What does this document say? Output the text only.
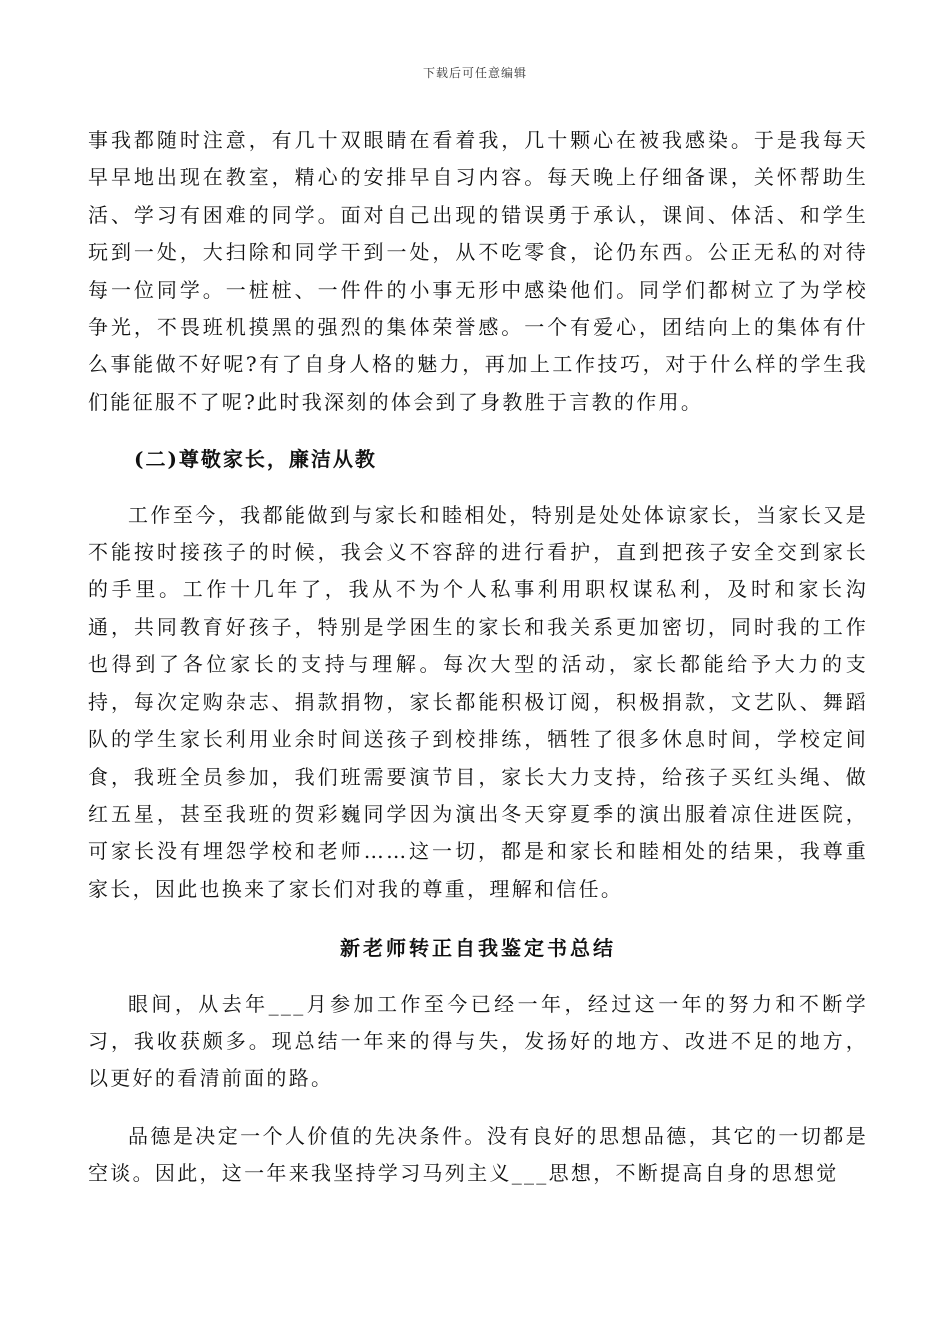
下载后可任意编辑

事我都随时注意，有几十双眼睛在看着我，几十颗心在被我感染。于是我每天早早地出现在教室，精心的安排早自习内容。每天晚上仔细备课，关怀帮助生活、学习有困难的同学。面对自己出现的错误勇于承认，课间、体活、和学生玩到一处，大扫除和同学干到一处，从不吃零食，论仍东西。公正无私的对待每一位同学。一桩桩、一件件的小事无形中感染他们。同学们都树立了为学校争光，不畏班机摸黑的强烈的集体荣誉感。一个有爱心，团结向上的集体有什么事能做不好呢?有了自身人格的魅力，再加上工作技巧，对于什么样的学生我们能征服不了呢?此时我深刻的体会到了身教胜于言教的作用。

(二)尊敬家长，廉洁从教

工作至今，我都能做到与家长和睦相处，特别是处处体谅家长，当家长又是不能按时接孩子的时候，我会义不容辞的进行看护，直到把孩子安全交到家长的手里。工作十几年了，我从不为个人私事利用职权谋私利，及时和家长沟通，共同教育好孩子，特别是学困生的家长和我关系更加密切，同时我的工作也得到了各位家长的支持与理解。每次大型的活动，家长都能给予大力的支持，每次定购杂志、捐款捐物，家长都能积极订阅，积极捐款，文艺队、舞蹈队的学生家长利用业余时间送孩子到校排练，牺牲了很多休息时间，学校定间食，我班全员参加，我们班需要演节目，家长大力支持，给孩子买红头绳、做红五星，甚至我班的贺彩巍同学因为演出冬天穿夏季的演出服着凉住进医院，可家长没有埋怨学校和老师……这一切，都是和家长和睦相处的结果，我尊重家长，因此也换来了家长们对我的尊重，理解和信任。

新老师转正自我鉴定书总结

眼间，从去年___月参加工作至今已经一年，经过这一年的努力和不断学习，我收获颇多。现总结一年来的得与失，发扬好的地方、改进不足的地方，以更好的看清前面的路。

品德是决定一个人价值的先决条件。没有良好的思想品德，其它的一切都是空谈。因此，这一年来我坚持学习马列主义___思想，不断提高自身的思想觉
